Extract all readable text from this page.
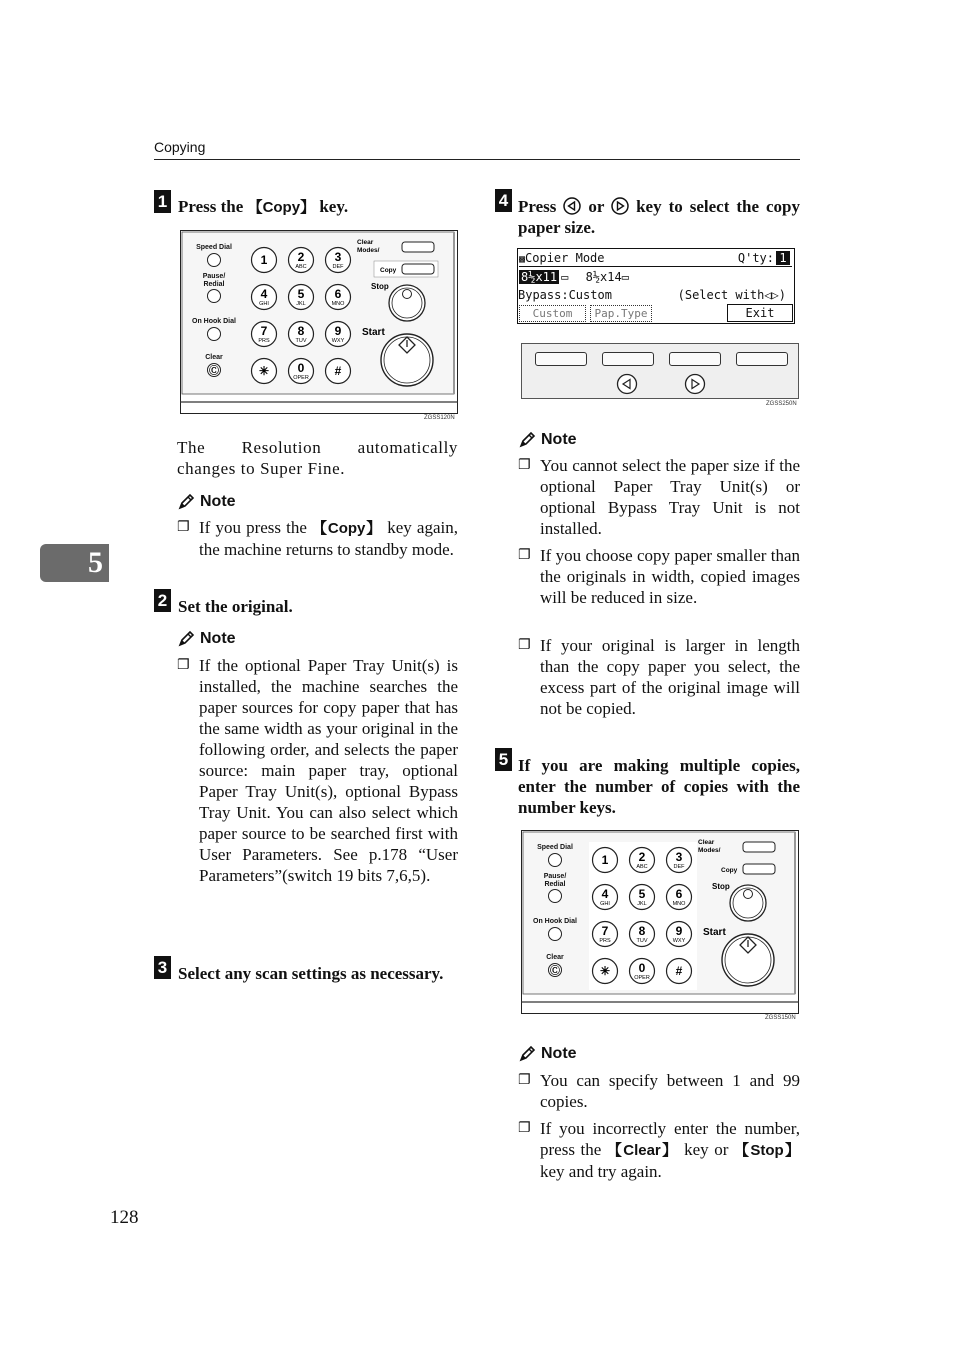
Copying
5
1 Press the 【Copy】 key.
Speed Dial
Pause/
Redial
On Hook Dial
Clear
Ⓒ
1	2
ABC
3
DEF
4
GHI
5
JKL
6
MNO
7
PRS
8
TUV
9
WXY
✳ 0
OPER #
Clear
Modes/
Copy
Stop
Start
ZGSS120N
The Resolution automatically changes to Super Fine.
Note
❐ If you press the 【Copy】 key again, the machine returns to standby mode.
2 Set the original.
Note
❐ If the optional Paper Tray Unit(s) is installed, the machine searches the paper sources for copy paper that has the same width as your original in the following order, and selects the paper source: main paper tray, optional Paper Tray Unit(s), optional Bypass Tray Unit. You can also select which paper source to be searched first with User Parameters. See p.178 “User Parameters”(switch 19 bits 7,6,5).
3 Select any scan settings as necessary.
4 Press  or  key to select the copy paper size.
▩Copier Mode	Q'ty: 1
8½x11 ▭ 8½x14▭
Bypass:Custom	(Select with◁▷)
Custom	Pap.Type	Exit
ZGSS250N
Note
❐ You cannot select the paper size if the optional Paper Tray Unit(s) or optional Bypass Tray Unit is not installed.
❐ If you choose copy paper smaller than the originals in width, copied images will be reduced in size.
❐ If your original is larger in length than the copy paper you select, the excess part of the original image will not be copied.
5 If you are making multiple copies, enter the number of copies with the number keys.
Speed Dial
Pause/
Redial
On Hook Dial
Clear
Ⓒ
1	2
ABC
3
DEF
4
GHI
5
JKL
6
MNO
7
PRS
8
TUV
9
WXY
✳ 0
OPER #
Clear
Modes/
Copy
Stop
Start
ZGSS150N
Note
❐ You can specify between 1 and 99 copies.
❐ If you incorrectly enter the number, press the 【Clear】 key or 【Stop】 key and try again.
128
